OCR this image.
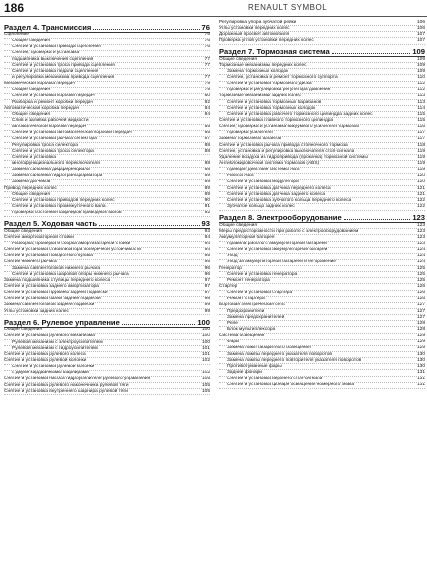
186	RENAULT SYMBOL
Раздел 4. Трансмиссия	76
Сцепление	76
Общие сведения	76
Снятие и установка привода сцепления	76
Снятие, проверка и установка
подшипника выключения сцепления	77
Снятие и установка троса привода сцепления	77
Снятие и установка педали сцепления
и регулировка механизма привода сцепления	77
Механическая коробка передач	79
Общие сведения	79
Снятие и установка коробки передач	80
Разборка и ремонт коробки передач	82
Автоматическая коробка передач	84
Общие сведения	84
Слив и заливка рабочей жидкости
автоматической коробки передач	85
Снятие и установка автоматической коробки передач	85
Снятие и установка рычага селектора	87
Регулировка троса селектора	88
Снятие и установка троса селектора	88
Снятие и установка
многофункционального переключателя	88
Замена сальника дифференциала	88
Замена сальника гидротрансформатора	89
Замена датчиков	89
Привод передних колес	89
Общие сведения	89
Снятие и установка приводов передних колес	90
Снятие и установка промежуточного вала	91
Проверка состояния шарниров приводных валов	92
Раздел 5. Ходовая часть	93
Общие сведения	93
Снятие амортизаторной стойки	94
Разборка, проверка и сборка амортизаторной стойки	94
Снятие и установка стабилизатора поперечной устойчивости	94
Снятие и установка поворотного кулака	95
Снятие нижнего рычага	95
Замена сайлентблоков нижнего рычага	96
Снятие и установка шаровой опоры нижнего рычага	96
Замена подшипника ступицы переднего колеса	97
Снятие и установка заднего амортизатора	97
Снятие и установка пружины задней подвески	97
Снятие и установка балки задней подвески	98
Замена сайлентблоков задней подвески	99
Углы установки задних колес	99
Раздел 6. Рулевое управление	100
Общие сведения	100
Снятие и установка рулевого механизма	100
Рулевой механизм с электроусилителем	100
Рулевой механизм с гидроусилителем	101
Снятие и установка рулевого колеса	101
Снятие и установка рулевой колонки	102
Снятие и установка рулевой колонки
с двумя кардааннымы шарнирами	102
Снятие и установка насоса гидроусилителя рулевого управления	105
Снятие и установка рулевого наконечника рулевой тяги	105
Снятие и установка внутреннего шарнира рулевой тяги	105
Регулировка упора зубчатой рейки	106
Углы установки передних колес	106
Дорожный просвет автомобиля	107
Проверка углов установки передних колес	107
Раздел 7. Тормозная система	109
Общие сведения	109
Тормозные механизмы передних колес	109
Замена тормозных колодок	109
Снятие, установка и ремонт тормозного суппорта	110
Снятие и установка тормозного диска	112
Проверка и регулировка регулятора давления	112
Тормозные механизмы задних колес	113
Снятие и установка тормозных барабанов	113
Снятие и установка тормозных колодок	114
Снятие и установка рабочего тормозного цилиндра задних колес	115
Снятие и установка главного тормозного цилиндра	115
Снятие, проверка и установка вакуумного усилителя тормозов	116
Проверка усилителя	117
Замена тормозных шлангов	117
Снятие и установка рычага привода стояночного тормоза	118
Снятие, установка и регулировка выключателя стоп-сигнала	119
Удаление воздуха из гидропривода (прокачка) тормозной системы	119
Антиблокировочная система тормозов (ABS)	119
Принцип действия системы ABS	119
Работа ABS	120
Снятие и установка модулятора	120
Снятие и установка датчика переднего колеса	121
Снятие и установка датчика заднего колеса	121
Снятие и установка зубчатого кольца переднего колеса	122
Зубчатое кольцо задних колес	122
Раздел 8. Электрооборудование	123
Общие сведения	123
Меры предосторожности при работе с электрооборудованием	123
Аккумуляторная батарея	123
Правила работы с аккумуляторной батареей	123
Снятие и установка аккумуляторной батареи	124
Уход	124
Уход за аккумуляторной батареей и её хранение	124
Генератор	125
Снятие и установка генератора	125
Ремонт генератора	125
Стартер	126
Снятие и установка стартера	126
Ремонт стартера	126
Бортовая электрическая сеть	127
Предохранители	127
Замена предохранителей	127
Реле	128
Блок мультиплексора	128
Система освещения	129
Фары	129
Замена ламп габаритного освещения	129
Замена лампы переднего указателя поворотов	130
Замена лампы переднего повторителя указателя поворотов	130
Противотуманные фары	130
Задние фонари	131
Снятие и установка верхнего стоп-сигнала	131
Снятие и установка фонаря освещения номерного знака	131
